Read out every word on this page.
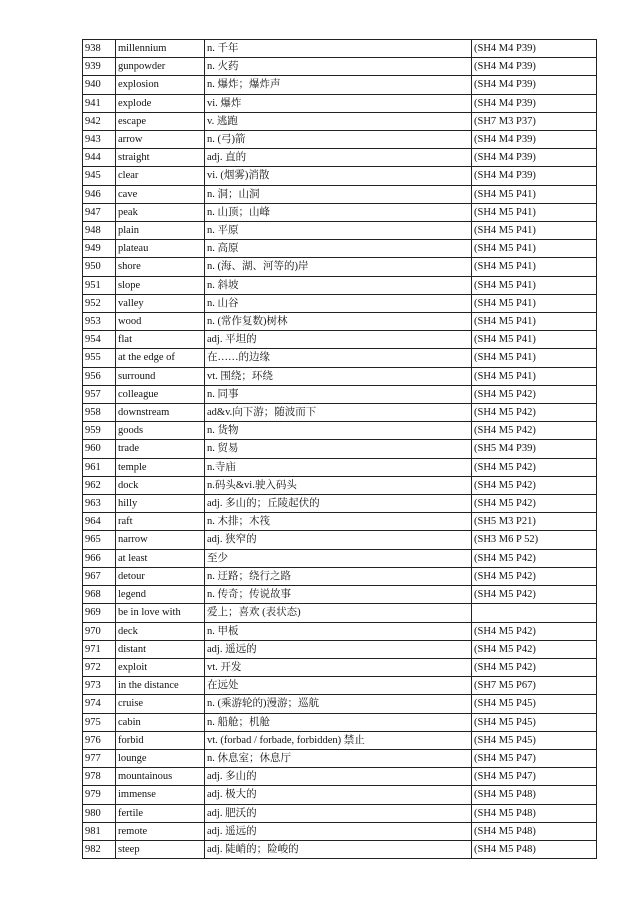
938	millennium	n. 千年	(SH4 M4 P39)
939	gunpowder	n. 火药	(SH4 M4 P39)
940	explosion	n. 爆炸；爆炸声	(SH4 M4 P39)
941	explode	vi. 爆炸	(SH4 M4 P39)
942	escape	v. 逃跑	(SH7 M3 P37)
943	arrow	n. (弓)箭	(SH4 M4 P39)
944	straight	adj. 直的	(SH4 M4 P39)
945	clear	vi. (烟雾)消散	(SH4 M4 P39)
946	cave	n. 洞；山洞	(SH4 M5 P41)
947	peak	n. 山顶；山峰	(SH4 M5 P41)
948	plain	n. 平原	(SH4 M5 P41)
949	plateau	n. 高原	(SH4 M5 P41)
950	shore	n. (海、湖、河等的)岸	(SH4 M5 P41)
951	slope	n. 斜坡	(SH4 M5 P41)
952	valley	n. 山谷	(SH4 M5 P41)
953	wood	n. (常作复数)树林	(SH4 M5 P41)
954	flat	adj. 平坦的	(SH4 M5 P41)
955	at the edge of	在……的边缘	(SH4 M5 P41)
956	surround	vt. 围绕；环绕	(SH4 M5 P41)
957	colleague	n. 同事	(SH4 M5 P42)
958	downstream	ad&v.向下游；随波而下	(SH4 M5 P42)
959	goods	n. 货物	(SH4 M5 P42)
960	trade	n. 贸易	(SH5 M4 P39)
961	temple	n.寺庙	(SH4 M5 P42)
962	dock	n.码头&vi.驶入码头	(SH4 M5 P42)
963	hilly	adj. 多山的；丘陵起伏的	(SH4 M5 P42)
964	raft	n. 木排；木筏	(SH5 M3 P21)
965	narrow	adj. 狭窄的	(SH3 M6 P 52)
966	at least	至少	(SH4 M5 P42)
967	detour	n. 迂路；绕行之路	(SH4 M5 P42)
968	legend	n. 传奇；传说故事	(SH4 M5 P42)
969	be in love with	爱上；喜欢 (表状态)	
970	deck	n. 甲板	(SH4 M5 P42)
971	distant	adj. 遥远的	(SH4 M5 P42)
972	exploit	vt. 开发	(SH4 M5 P42)
973	in the distance	在远处	(SH7 M5 P67)
974	cruise	n. (乘游轮的)漫游；巡航	(SH4 M5 P45)
975	cabin	n. 船舱；机舱	(SH4 M5 P45)
976	forbid	vt. (forbad / forbade, forbidden) 禁止	(SH4 M5 P45)
977	lounge	n. 休息室；休息厅	(SH4 M5 P47)
978	mountainous	adj. 多山的	(SH4 M5 P47)
979	immense	adj. 极大的	(SH4 M5 P48)
980	fertile	adj. 肥沃的	(SH4 M5 P48)
981	remote	adj. 遥远的	(SH4 M5 P48)
982	steep	adj. 陡峭的；险峻的	(SH4 M5 P48)
